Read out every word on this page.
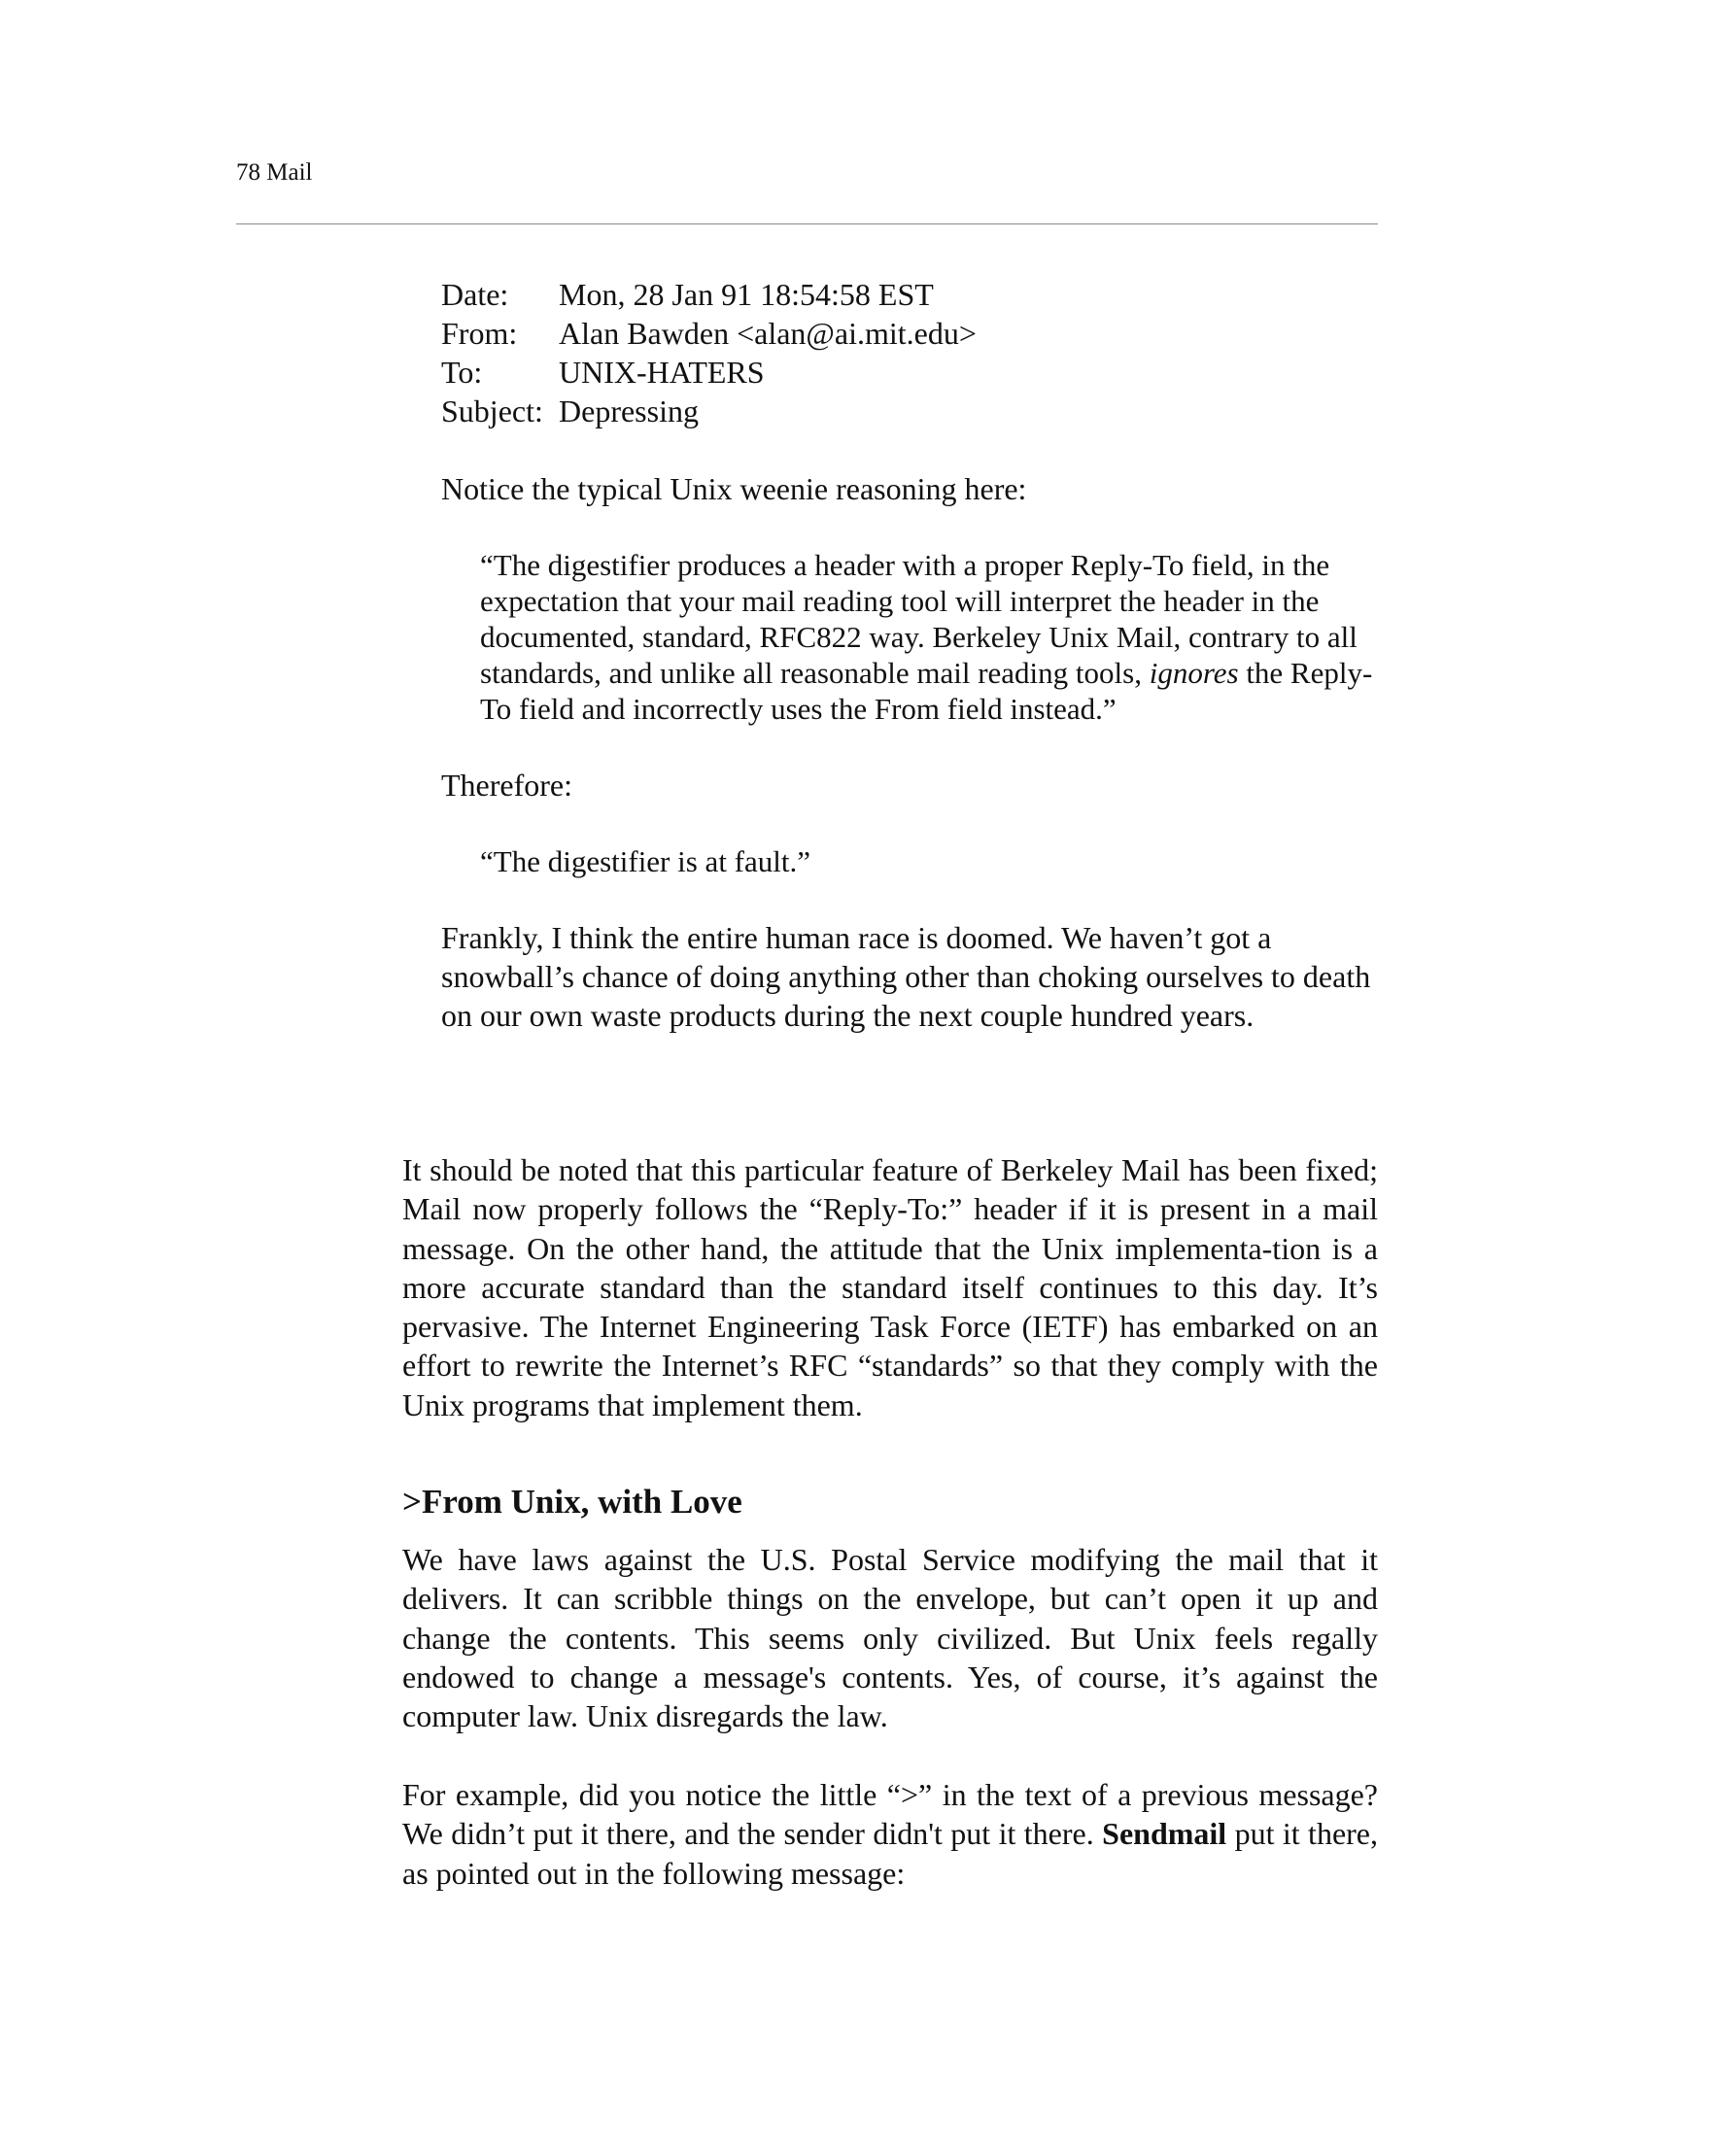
78 Mail
Date:	Mon, 28 Jan 91 18:54:58 EST
From:	Alan Bawden <alan@ai.mit.edu>
To:	UNIX-HATERS
Subject: Depressing

Notice the typical Unix weenie reasoning here:

“The digestifier produces a header with a proper Reply-To field, in the expectation that your mail reading tool will interpret the header in the documented, standard, RFC822 way. Berkeley Unix Mail, contrary to all standards, and unlike all reasonable mail reading tools, ignores the Reply-To field and incorrectly uses the From field instead.”

Therefore:

“The digestifier is at fault.”

Frankly, I think the entire human race is doomed. We haven’t got a snowball’s chance of doing anything other than choking ourselves to death on our own waste products during the next couple hundred years.

It should be noted that this particular feature of Berkeley Mail has been fixed; Mail now properly follows the “Reply-To:” header if it is present in a mail message. On the other hand, the attitude that the Unix implementa-tion is a more accurate standard than the standard itself continues to this day. It’s pervasive. The Internet Engineering Task Force (IETF) has embarked on an effort to rewrite the Internet’s RFC “standards” so that they comply with the Unix programs that implement them.

>From Unix, with Love

We have laws against the U.S. Postal Service modifying the mail that it delivers. It can scribble things on the envelope, but can’t open it up and change the contents. This seems only civilized. But Unix feels regally endowed to change a message's contents. Yes, of course, it’s against the computer law. Unix disregards the law.

For example, did you notice the little “>” in the text of a previous message? We didn’t put it there, and the sender didn't put it there. Sendmail put it there, as pointed out in the following message:
